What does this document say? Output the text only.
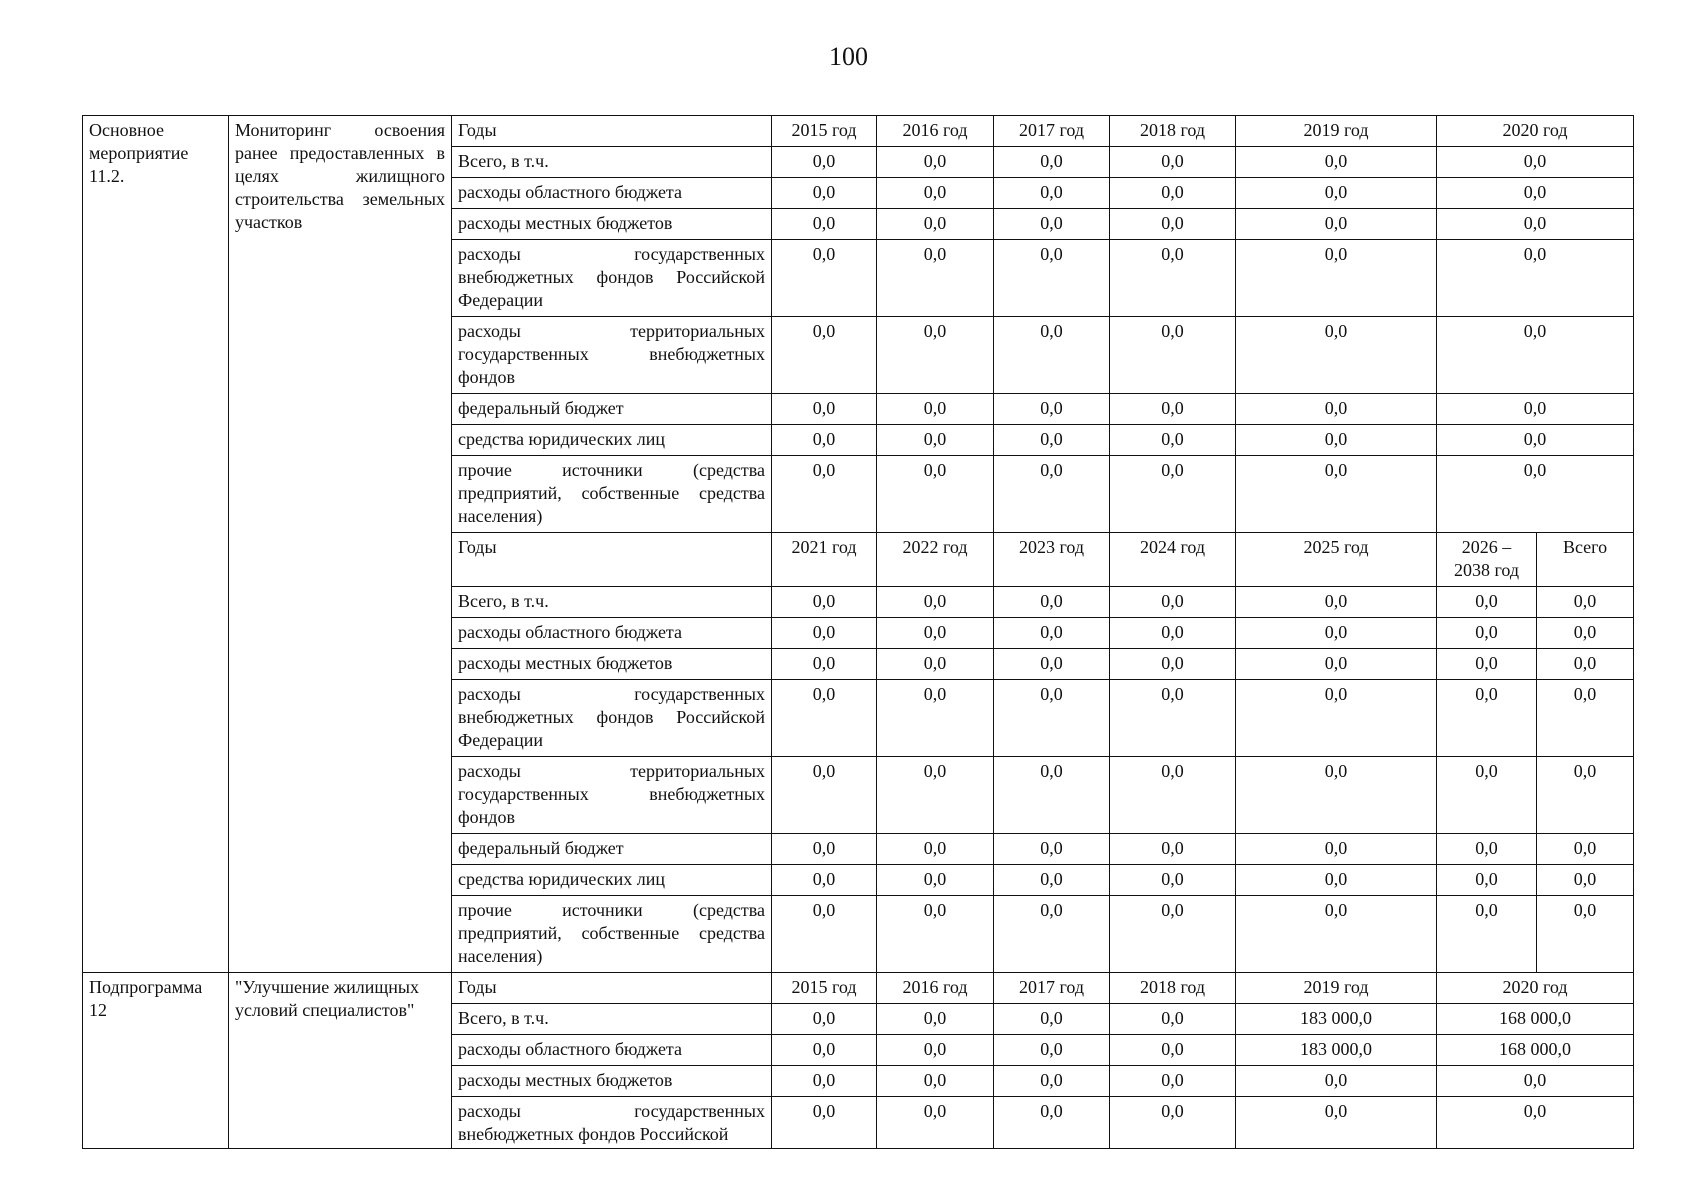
100
Основное мероприятие 11.2.	Мониторинг освоения ранее предоставленных в целях жилищного строительства земельных участков	Годы	2015 год	2016 год	2017 год	2018 год	2019 год	2020 год	
		Всего, в т.ч.	0,0	0,0	0,0	0,0	0,0	0,0	
		расходы областного бюджета	0,0	0,0	0,0	0,0	0,0	0,0	
		расходы местных бюджетов	0,0	0,0	0,0	0,0	0,0	0,0	
		расходы государственных внебюджетных фондов Российской Федерации	0,0	0,0	0,0	0,0	0,0	0,0	
		расходы территориальных государственных внебюджетных фондов	0,0	0,0	0,0	0,0	0,0	0,0	
		федеральный бюджет	0,0	0,0	0,0	0,0	0,0	0,0	
		средства юридических лиц	0,0	0,0	0,0	0,0	0,0	0,0	
		прочие источники (средства предприятий, собственные средства населения)	0,0	0,0	0,0	0,0	0,0	0,0	
		Годы	2021 год	2022 год	2023 год	2024 год	2025 год	2026 – 2038 год	Всего
		Всего, в т.ч.	0,0	0,0	0,0	0,0	0,0	0,0	0,0
		расходы областного бюджета	0,0	0,0	0,0	0,0	0,0	0,0	0,0
		расходы местных бюджетов	0,0	0,0	0,0	0,0	0,0	0,0	0,0
		расходы государственных внебюджетных фондов Российской Федерации	0,0	0,0	0,0	0,0	0,0	0,0	0,0
		расходы территориальных государственных внебюджетных фондов	0,0	0,0	0,0	0,0	0,0	0,0	0,0
		федеральный бюджет	0,0	0,0	0,0	0,0	0,0	0,0	0,0
		средства юридических лиц	0,0	0,0	0,0	0,0	0,0	0,0	0,0
		прочие источники (средства предприятий, собственные средства населения)	0,0	0,0	0,0	0,0	0,0	0,0	0,0
Подпрограмма 12	"Улучшение жилищных условий специалистов"	Годы	2015 год	2016 год	2017 год	2018 год	2019 год	2020 год	
		Всего, в т.ч.	0,0	0,0	0,0	0,0	183 000,0	168 000,0	
		расходы областного бюджета	0,0	0,0	0,0	0,0	183 000,0	168 000,0	
		расходы местных бюджетов	0,0	0,0	0,0	0,0	0,0	0,0	
		расходы государственных внебюджетных фондов Российской	0,0	0,0	0,0	0,0	0,0	0,0	
